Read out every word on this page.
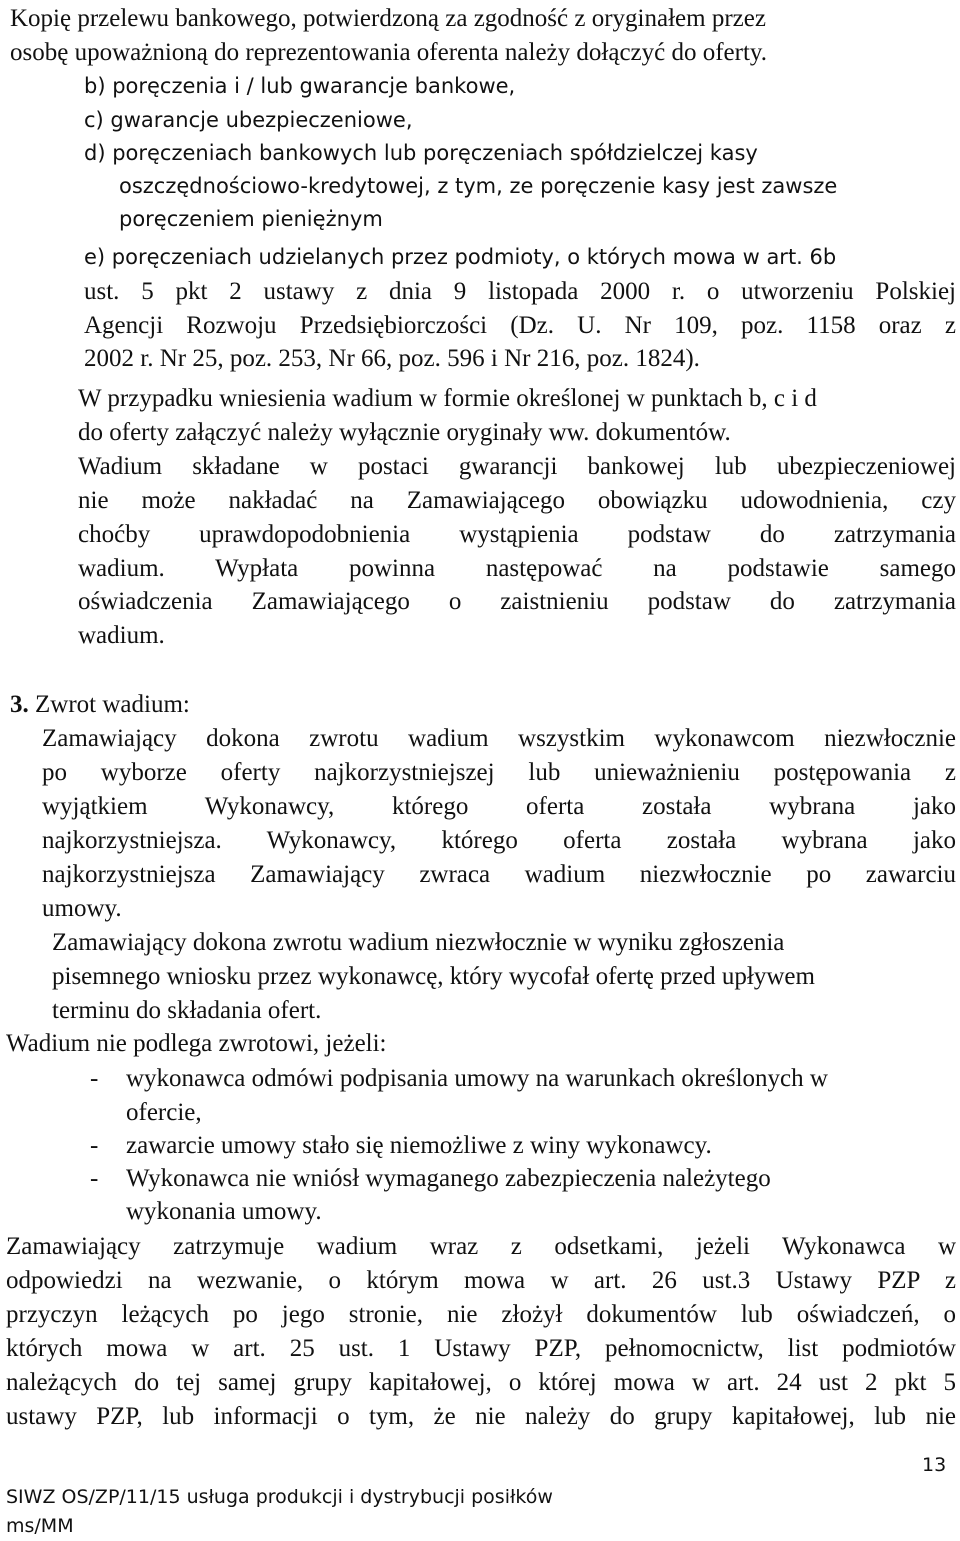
Kopię przelewu bankowego, potwierdzoną za zgodność z oryginałem przez
osobę upoważnioną do reprezentowania oferenta należy dołączyć do oferty.
b) poręczenia i / lub gwarancje bankowe,
c) gwarancje ubezpieczeniowe,
d) poręczeniach bankowych lub poręczeniach spółdzielczej kasy
oszczędnościowo-kredytowej, z tym, ze poręczenie kasy jest zawsze
poręczeniem pieniężnym
e) poręczeniach udzielanych przez podmioty, o których mowa w art. 6b
ust. 5 pkt 2 ustawy z dnia 9 listopada 2000 r. o utworzeniu Polskiej
Agencji Rozwoju Przedsiębiorczości (Dz. U. Nr 109, poz. 1158 oraz z
2002 r. Nr 25, poz. 253, Nr 66, poz. 596 i Nr 216, poz. 1824).
W przypadku wniesienia wadium w formie określonej w punktach b, c i d
do oferty załączyć należy wyłącznie oryginały ww. dokumentów.
Wadium składane w postaci gwarancji bankowej lub ubezpieczeniowej
nie może nakładać na Zamawiającego obowiązku udowodnienia, czy
choćby uprawdopodobnienia wystąpienia podstaw do zatrzymania
wadium. Wypłata powinna następować na podstawie samego
oświadczenia Zamawiającego o zaistnieniu podstaw do zatrzymania
wadium.
3. Zwrot wadium:
Zamawiający dokona zwrotu wadium wszystkim wykonawcom niezwłocznie
po wyborze oferty najkorzystniejszej lub unieważnieniu postępowania z
wyjątkiem Wykonawcy, którego oferta została wybrana jako
najkorzystniejsza. Wykonawcy, którego oferta została wybrana jako
najkorzystniejsza Zamawiający zwraca wadium niezwłocznie po zawarciu
umowy.
Zamawiający dokona zwrotu wadium niezwłocznie w wyniku zgłoszenia
pisemnego wniosku przez wykonawcę, który wycofał ofertę przed upływem
terminu do składania ofert.
Wadium nie podlega zwrotowi, jeżeli:
- wykonawca odmówi podpisania umowy na warunkach określonych w
ofercie,
- zawarcie umowy stało się niemożliwe z winy wykonawcy.
- Wykonawca nie wniósł wymaganego zabezpieczenia należytego
wykonania umowy.
Zamawiający zatrzymuje wadium wraz z odsetkami, jeżeli Wykonawca w
odpowiedzi na wezwanie, o którym mowa w art. 26 ust.3 Ustawy PZP z
przyczyn leżących po jego stronie, nie złożył dokumentów lub oświadczeń, o
których mowa w art. 25 ust. 1 Ustawy PZP, pełnomocnictw, list podmiotów
należących do tej samej grupy kapitałowej, o której mowa w art. 24 ust 2 pkt 5
ustawy PZP, lub informacji o tym, że nie należy do grupy kapitałowej, lub nie
13
SIWZ OS/ZP/11/15 usługa produkcji i dystrybucji posiłków
ms/MM
